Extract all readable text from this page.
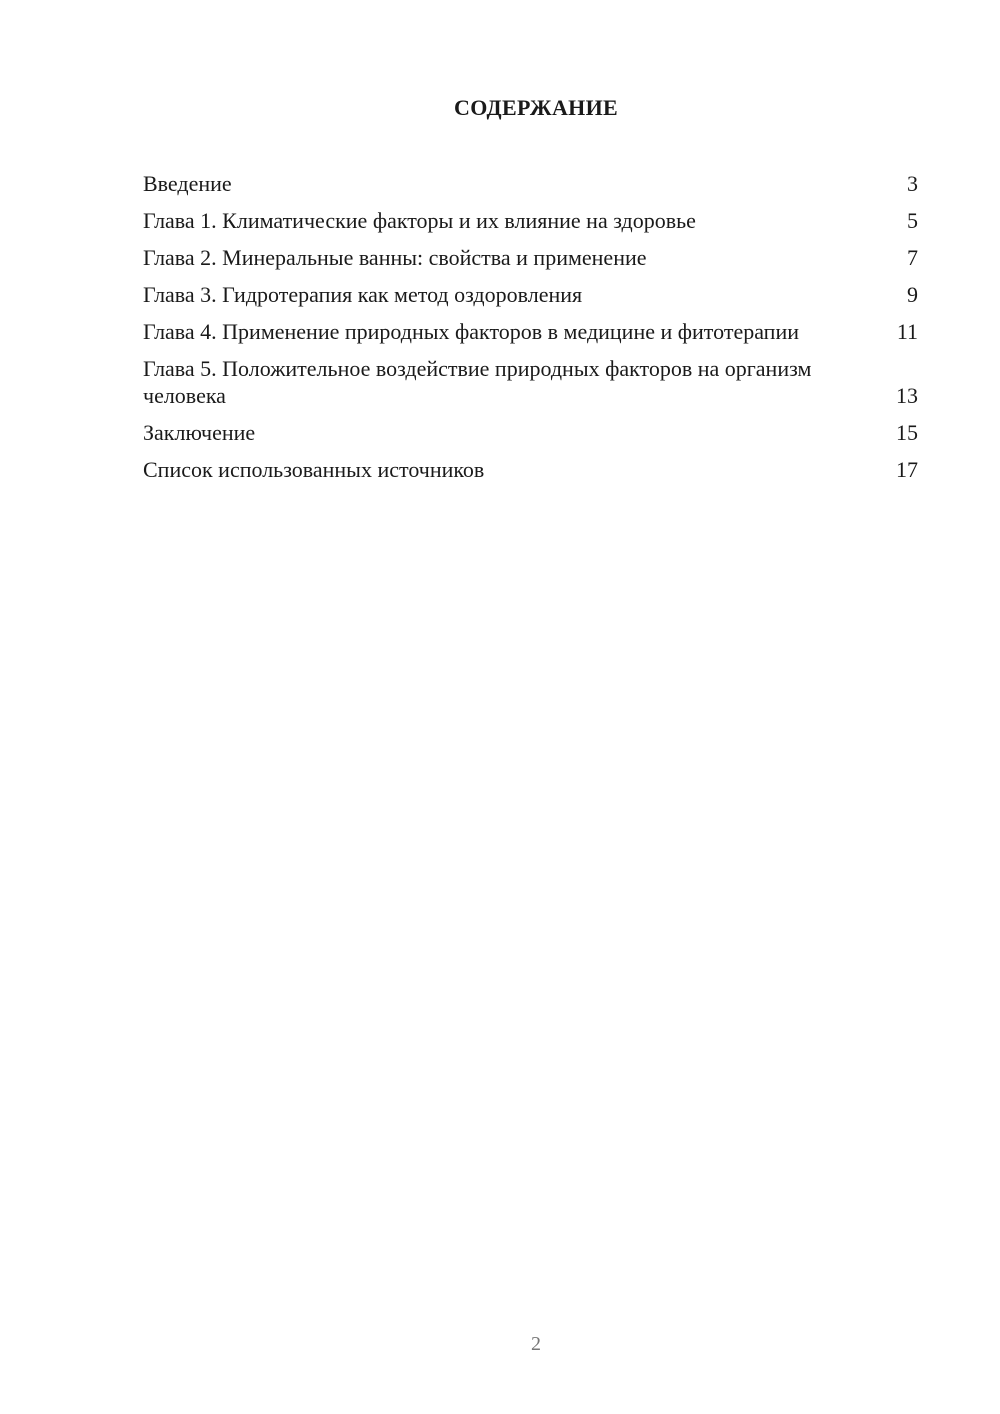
СОДЕРЖАНИЕ
Введение	3
Глава 1. Климатические факторы и их влияние на здоровье	5
Глава 2. Минеральные ванны: свойства и применение	7
Глава 3. Гидротерапия как метод оздоровления	9
Глава 4. Применение природных факторов в медицине и фитотерапии	11
Глава 5. Положительное воздействие природных факторов на организм человека	13
Заключение	15
Список использованных источников	17
2
